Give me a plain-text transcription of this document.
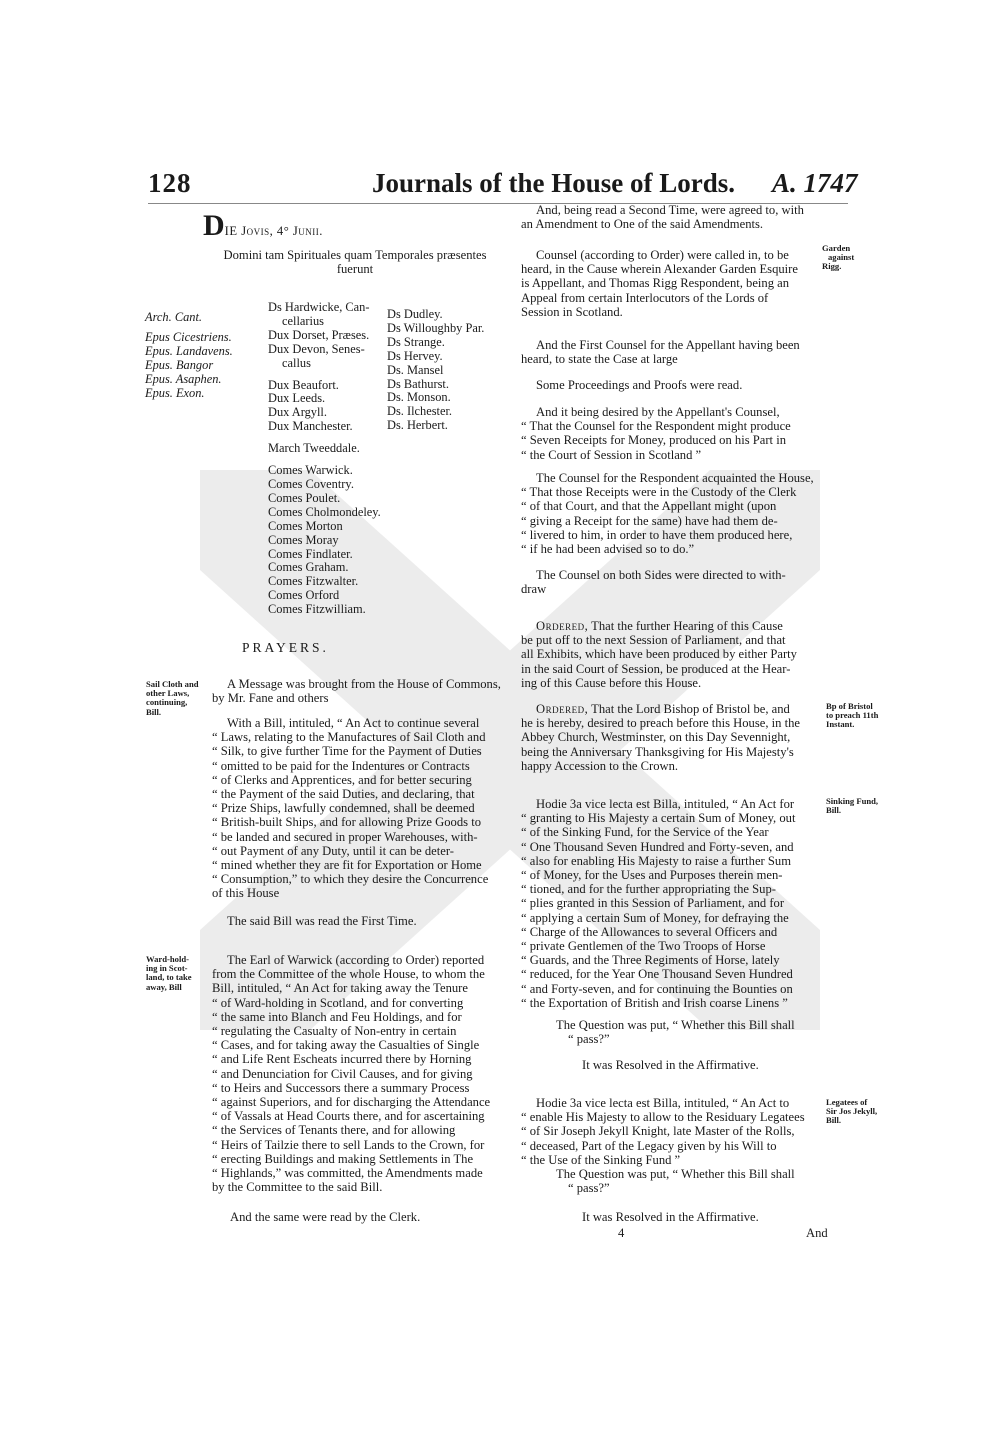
128	Journals of the House of Lords. A. 1747
DIE Jovis, 4° Junii.
Domini tam Spirituales quam Temporales præsentes
fuerunt
Arch. Cant.
Epus Cicestriens.
Epus. Landavens.
Epus. Bangor
Epus. Asaphen.
Epus. Exon.
Ds Hardwicke, Can-
cellarius
Dux Dorset, Præses.
Dux Devon, Senes-
callus
Dux Beaufort.
Dux Leeds.
Dux Argyll.
Dux Manchester.
March Tweeddale.
Comes Warwick.
Comes Coventry.
Comes Poulet.
Comes Cholmondeley.
Comes Morton
Comes Moray
Comes Findlater.
Comes Graham.
Comes Fitzwalter.
Comes Orford
Comes Fitzwilliam.
Ds Dudley.
Ds Willoughby Par.
Ds Strange.
Ds Hervey.
Ds. Mansel
Ds Bathurst.
Ds. Monson.
Ds. Ilchester.
Ds. Herbert.
PRAYERS.
Sail Cloth and
other Laws,
continuing,
Bill.
A Message was brought from the House of Commons,
by Mr. Fane and others
With a Bill, intituled, “ An Act to continue several
“ Laws, relating to the Manufactures of Sail Cloth and
“ Silk, to give further Time for the Payment of Duties
“ omitted to be paid for the Indentures or Contracts
“ of Clerks and Apprentices, and for better securing
“ the Payment of the said Duties, and declaring, that
“ Prize Ships, lawfully condemned, shall be deemed
“ British-built Ships, and for allowing Prize Goods to
“ be landed and secured in proper Warehouses, with-
“ out Payment of any Duty, until it can be deter-
“ mined whether they are fit for Exportation or Home
“ Consumption,” to which they desire the Concurrence
of this House
The said Bill was read the First Time.
Ward-hold-
ing in Scot-
land, to take
away, Bill
The Earl of Warwick (according to Order) reported
from the Committee of the whole House, to whom the
Bill, intituled, “ An Act for taking away the Tenure
“ of Ward-holding in Scotland, and for converting
“ the same into Blanch and Feu Holdings, and for
“ regulating the Casualty of Non-entry in certain
“ Cases, and for taking away the Casualties of Single
“ and Life Rent Escheats incurred there by Horning
“ and Denunciation for Civil Causes, and for giving
“ to Heirs and Successors there a summary Process
“ against Superiors, and for discharging the Attendance
“ of Vassals at Head Courts there, and for ascertaining
“ the Services of Tenants there, and for allowing
“ Heirs of Tailzie there to sell Lands to the Crown, for
“ erecting Buildings and making Settlements in The
“ Highlands,” was committed, the Amendments made
by the Committee to the said Bill.
And the same were read by the Clerk.
And, being read a Second Time, were agreed to, with
an Amendment to One of the said Amendments.
Garden
against
Rigg.
Counsel (according to Order) were called in, to be
heard, in the Cause wherein Alexander Garden Esquire
is Appellant, and Thomas Rigg Respondent, being an
Appeal from certain Interlocutors of the Lords of
Session in Scotland.
And the First Counsel for the Appellant having been
heard, to state the Case at large
Some Proceedings and Proofs were read.
And it being desired by the Appellant's Counsel,
“ That the Counsel for the Respondent might produce
“ Seven Receipts for Money, produced on his Part in
“ the Court of Session in Scotland ”
The Counsel for the Respondent acquainted the House,
“ That those Receipts were in the Custody of the Clerk
“ of that Court, and that the Appellant might (upon
“ giving a Receipt for the same) have had them de-
“ livered to him, in order to have them produced here,
“ if he had been advised so to do.”
The Counsel on both Sides were directed to with-
draw
Ordered, That the further Hearing of this Cause
be put off to the next Session of Parliament, and that
all Exhibits, which have been produced by either Party
in the said Court of Session, be produced at the Hear-
ing of this Cause before this House.
Bp of Bristol
to preach 11th
Instant.
Ordered, That the Lord Bishop of Bristol be, and
he is hereby, desired to preach before this House, in the
Abbey Church, Westminster, on this Day Sevennight,
being the Anniversary Thanksgiving for His Majesty's
happy Accession to the Crown.
Sinking Fund,
Bill.
Hodie 3a vice lecta est Billa, intituled, “ An Act for
“ granting to His Majesty a certain Sum of Money, out
“ of the Sinking Fund, for the Service of the Year
“ One Thousand Seven Hundred and Forty-seven, and
“ also for enabling His Majesty to raise a further Sum
“ of Money, for the Uses and Purposes therein men-
“ tioned, and for the further appropriating the Sup-
“ plies granted in this Session of Parliament, and for
“ applying a certain Sum of Money, for defraying the
“ Charge of the Allowances to several Officers and
“ private Gentlemen of the Two Troops of Horse
“ Guards, and the Three Regiments of Horse, lately
“ reduced, for the Year One Thousand Seven Hundred
“ and Forty-seven, and for continuing the Bounties on
“ the Exportation of British and Irish coarse Linens ”
The Question was put, “ Whether this Bill shall
“ pass?”
It was Resolved in the Affirmative.
Legatees of
Sir Jos Jekyll,
Bill.
Hodie 3a vice lecta est Billa, intituled, “ An Act to
“ enable His Majesty to allow to the Residuary Legatees
“ of Sir Joseph Jekyll Knight, late Master of the Rolls,
“ deceased, Part of the Legacy given by his Will to
“ the Use of the Sinking Fund ”
The Question was put, “ Whether this Bill shall
“ pass?”
It was Resolved in the Affirmative.
4	And
